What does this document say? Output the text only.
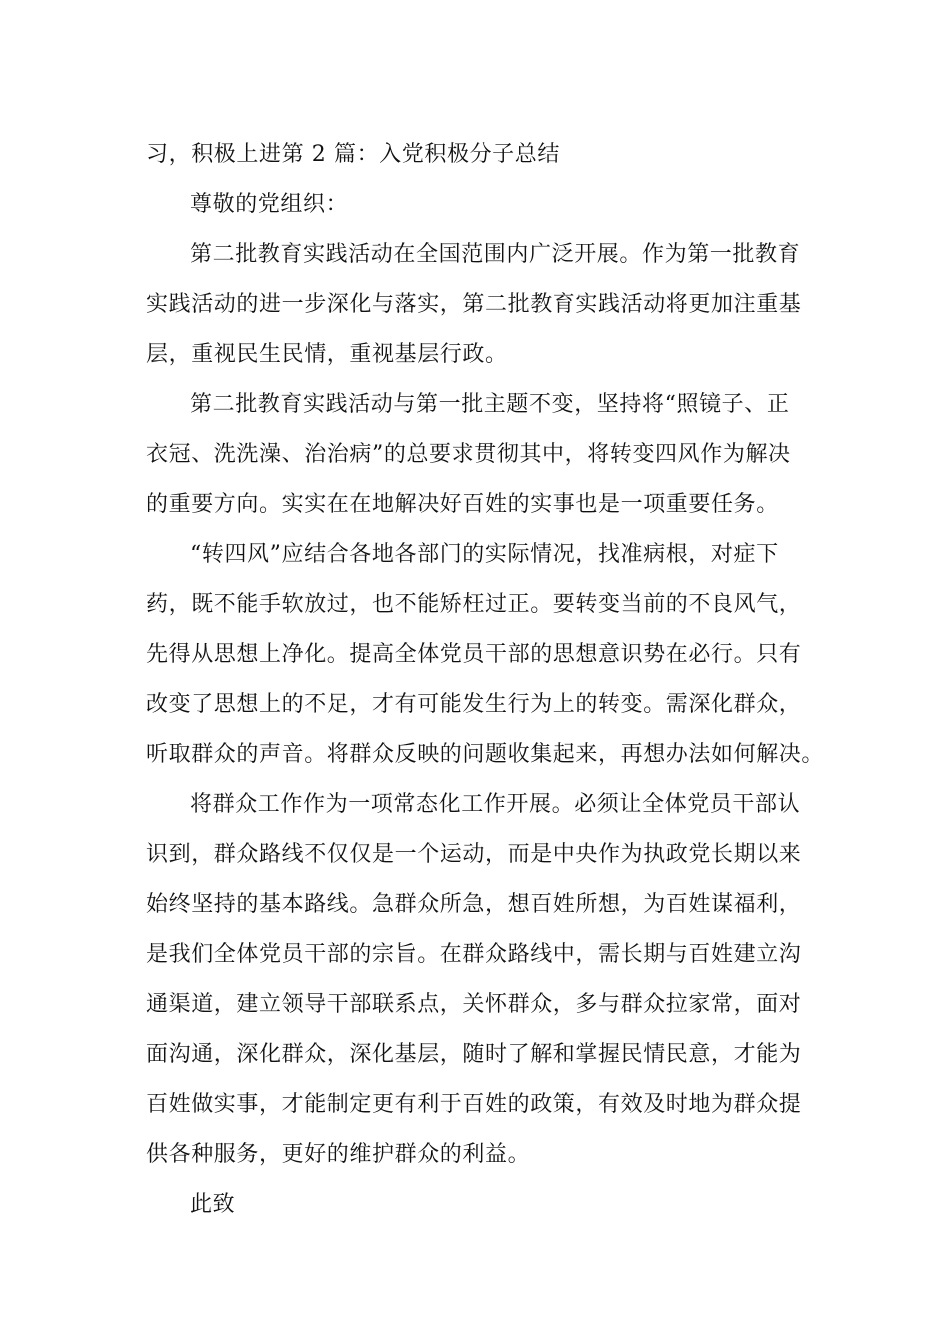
习，积极上进第 2 篇：入党积极分子总结
尊敬的党组织：
第二批教育实践活动在全国范围内广泛开展。作为第一批教育
实践活动的进一步深化与落实，第二批教育实践活动将更加注重基
层，重视民生民情，重视基层行政。
第二批教育实践活动与第一批主题不变，坚持将“照镜子、正
衣冠、洗洗澡、治治病”的总要求贯彻其中，将转变四风作为解决
的重要方向。实实在在地解决好百姓的实事也是一项重要任务。
“转四风”应结合各地各部门的实际情况，找准病根，对症下
药，既不能手软放过，也不能矫枉过正。要转变当前的不良风气，
先得从思想上净化。提高全体党员干部的思想意识势在必行。只有
改变了思想上的不足，才有可能发生行为上的转变。需深化群众，
听取群众的声音。将群众反映的问题收集起来，再想办法如何解决。
将群众工作作为一项常态化工作开展。必须让全体党员干部认
识到，群众路线不仅仅是一个运动，而是中央作为执政党长期以来
始终坚持的基本路线。急群众所急，想百姓所想，为百姓谋福利，
是我们全体党员干部的宗旨。在群众路线中，需长期与百姓建立沟
通渠道，建立领导干部联系点，关怀群众，多与群众拉家常，面对
面沟通，深化群众，深化基层，随时了解和掌握民情民意，才能为
百姓做实事，才能制定更有利于百姓的政策，有效及时地为群众提
供各种服务，更好的维护群众的利益。
此致
